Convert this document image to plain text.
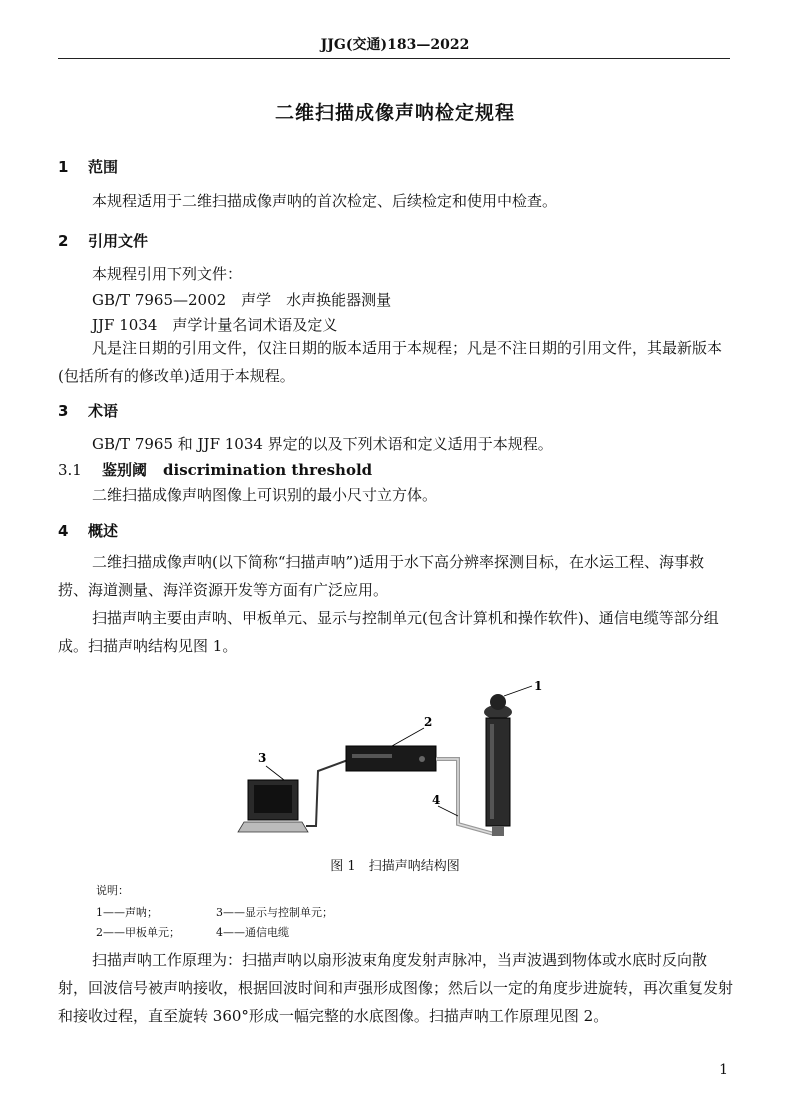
JJG(交通)183—2022
二维扫描成像声呐检定规程
1 范围
本规程适用于二维扫描成像声呐的首次检定、后续检定和使用中检查。
2 引用文件
本规程引用下列文件：
GB/T 7965—2002　声学　水声换能器测量
JJF 1034　声学计量名词术语及定义
凡是注日期的引用文件，仅注日期的版本适用于本规程；凡是不注日期的引用文件，其最新版本(包括所有的修改单)适用于本规程。
3 术语
GB/T 7965 和 JJF 1034 界定的以及下列术语和定义适用于本规程。
3.1 鉴别阈 discrimination threshold
二维扫描成像声呐图像上可识别的最小尺寸立方体。
4 概述
二维扫描成像声呐(以下简称“扫描声呐”)适用于水下高分辨率探测目标，在水运工程、海事救捞、海道测量、海洋资源开发等方面有广泛应用。
扫描声呐主要由声呐、甲板单元、显示与控制单元(包含计算机和操作软件)、通信电缆等部分组成。扫描声呐结构见图 1。
1
2
3
4
图 1　扫描声呐结构图
说明：
1——声呐；	3——显示与控制单元；
2——甲板单元；	4——通信电缆
扫描声呐工作原理为：扫描声呐以扇形波束角度发射声脉冲，当声波遇到物体或水底时反向散射，回波信号被声呐接收，根据回波时间和声强形成图像；然后以一定的角度步进旋转，再次重复发射和接收过程，直至旋转 360°形成一幅完整的水底图像。扫描声呐工作原理见图 2。
1
